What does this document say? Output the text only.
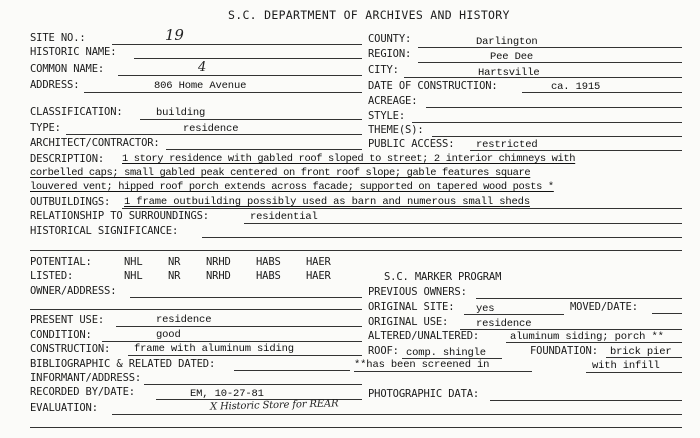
S.C. DEPARTMENT OF ARCHIVES AND HISTORY
SITE NO.:	19
HISTORIC NAME:
COMMON NAME:	4
ADDRESS:	806 Home Avenue
CLASSIFICATION:	building
TYPE:	residence
ARCHITECT/CONTRACTOR:
COUNTY:	Darlington
REGION:	Pee Dee
CITY:	Hartsville
DATE OF CONSTRUCTION:	ca. 1915
ACREAGE:
STYLE:
THEME(S):
PUBLIC ACCESS: restricted
DESCRIPTION: 1 story residence with gabled roof sloped to street; 2 interior chimneys with
corbelled caps; small gabled peak centered on front roof slope; gable features square
louvered vent; hipped roof porch extends across facade; supported on tapered wood posts *
OUTBUILDINGS: 1 frame outbuilding possibly used as barn and numerous small sheds
RELATIONSHIP TO SURROUNDINGS:	residential
HISTORICAL SIGNIFICANCE:
POTENTIAL:	NHL NR NRHD HABS HAER
LISTED:	NHL NR NRHD HABS HAER
OWNER/ADDRESS:
PRESENT USE:	residence
CONDITION:	good
CONSTRUCTION: frame with aluminum siding
BIBLIOGRAPHIC & RELATED DATED:
INFORMANT/ADDRESS:
RECORDED BY/DATE:	EM, 10-27-81
EVALUATION:	X Historic Store for REAR
S.C. MARKER PROGRAM
PREVIOUS OWNERS:
ORIGINAL SITE: yes	MOVED/DATE:
ORIGINAL USE:	residence
ALTERED/UNALTERED:	aluminum siding; porch **
ROOF: comp. shingle	FOUNDATION: brick pier
**has been screened in	with infill
PHOTOGRAPHIC DATA:
